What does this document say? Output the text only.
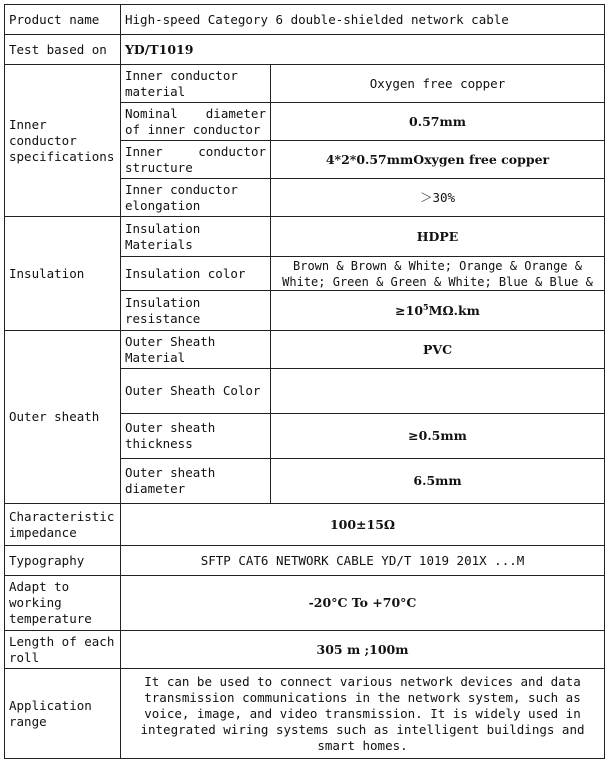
Product name	High-speed Category 6 double-shielded network cable	
Test based on	YD/T1019	
Inner conductor specifications	Inner conductor material	Oxygen free copper
	Nominal diameter of inner conductor	0.57mm
	Inner conductor structure	4*2*0.57mmOxygen free copper
	Inner conductor elongation	＞30%
Insulation	Insulation Materials	HDPE
	Insulation color	Brown & Brown & White; Orange & Orange & White; Green & Green & White; Blue & Blue &

	Insulation resistance	$\ge 10^5M\Omega.km$
Outer sheath	Outer Sheath Material	PVC
	Outer Sheath Color	
	Outer sheath thickness	≥0.5mm
	Outer sheath diameter	6.5mm
Characteristic impedance	100±15Ω	
Typography	SFTP CAT6 NETWORK CABLE YD/T 1019 201X ...M	
Adapt to working temperature	-20°C To +70°C	
Length of each roll	305 m ;100m	
Application range	It can be used to connect various network devices and data transmission communications in the network system, such as voice, image, and video transmission. It is widely used in integrated wiring systems such as intelligent buildings and smart homes.	
